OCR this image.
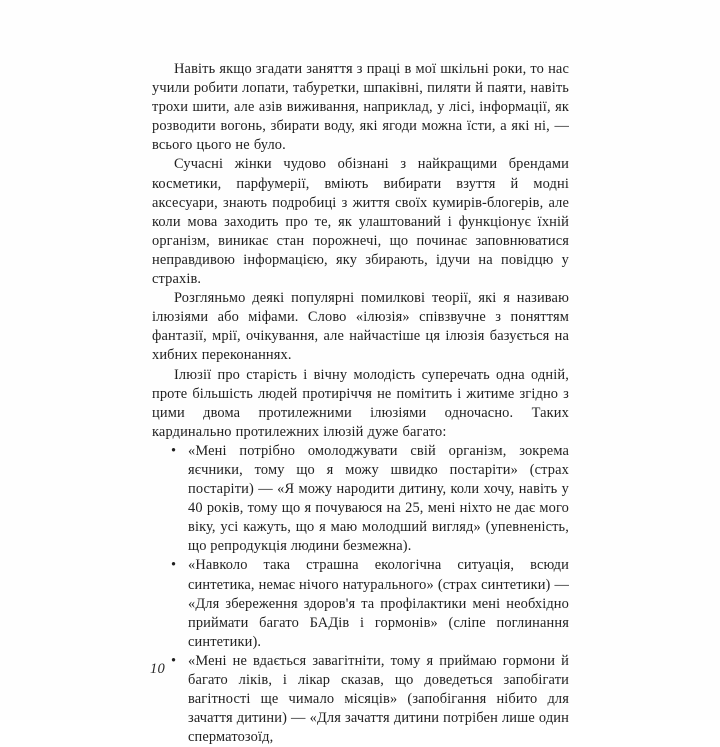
Навіть якщо згадати заняття з праці в мої шкільні роки, то нас учили робити лопати, табуретки, шпаківні, пиляти й паяти, навіть трохи шити, але азів виживання, наприклад, у лісі, інформації, як розводити вогонь, збирати воду, які ягоди можна їсти, а які ні, — всього цього не було.

Сучасні жінки чудово обізнані з найкращими брендами косметики, парфумерії, вміють вибирати взуття й модні аксесуари, знають подробиці з життя своїх кумирів-блогерів, але коли мова заходить про те, як улаштований і функціонує їхній організм, виникає стан порожнечі, що починає заповнюватися неправдивою інформацією, яку збирають, ідучи на повідцю у страхів.

Розгляньмо деякі популярні помилкові теорії, які я називаю ілюзіями або міфами. Слово «ілюзія» співзвучне з поняттям фантазії, мрії, очікування, але найчастіше ця ілюзія базується на хибних переконаннях.

Ілюзії про старість і вічну молодість суперечать одна одній, проте більшість людей протиріччя не помітить і житиме згідно з цими двома протилежними ілюзіями одночасно. Таких кардинально протилежних ілюзій дуже багато:

• «Мені потрібно омолоджувати свій організм, зокрема яєчники, тому що я можу швидко постаріти» (страх постаріти) — «Я можу народити дитину, коли хочу, навіть у 40 років, тому що я почуваюся на 25, мені ніхто не дає мого віку, усі кажуть, що я маю молодший вигляд» (упевненість, що репродукція людини безмежна).
• «Навколо така страшна екологічна ситуація, всюди синтетика, немає нічого натурального» (страх синтетики) — «Для збереження здоров'я та профілактики мені необхідно приймати багато БАДів і гормонів» (сліпе поглинання синтетики).
• «Мені не вдається завагітніти, тому я приймаю гормони й багато ліків, і лікар сказав, що доведеться запобігати вагітності ще чимало місяців» (запобігання нібито для зачаття дитини) — «Для зачаття дитини потрібен лише один сперматозоїд,
10
